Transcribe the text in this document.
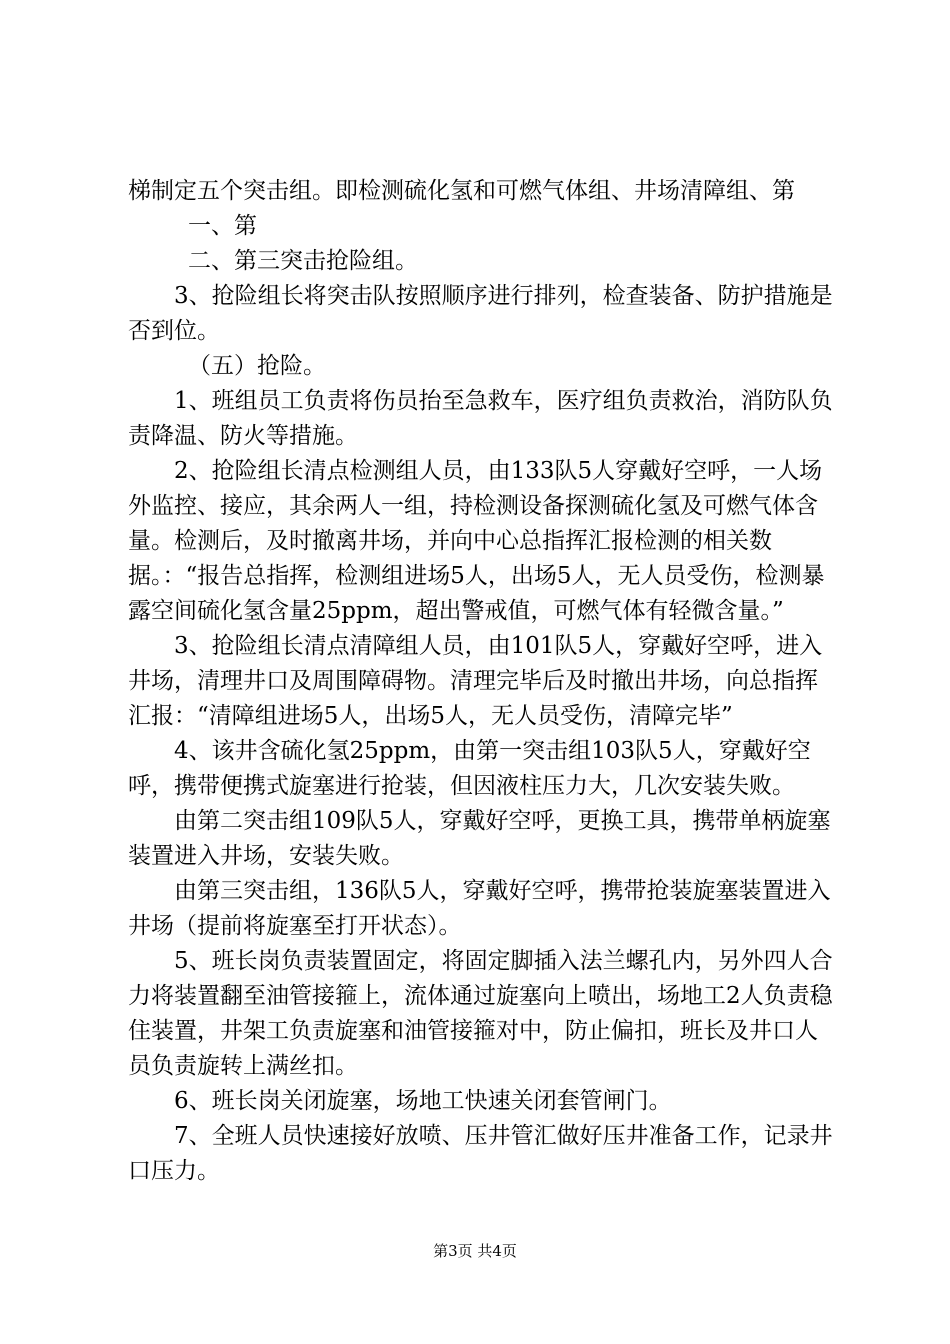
梯制定五个突击组。即检测硫化氢和可燃气体组、井场清障组、第

一、第

二、第三突击抢险组。

3、抢险组长将突击队按照顺序进行排列，检查装备、防护措施是否到位。

（五）抢险。

1、班组员工负责将伤员抬至急救车，医疗组负责救治，消防队负责降温、防火等措施。

2、抢险组长清点检测组人员，由133队5人穿戴好空呼，一人场外监控、接应，其余两人一组，持检测设备探测硫化氢及可燃气体含量。检测后，及时撤离井场，并向中心总指挥汇报检测的相关数据。：“报告总指挥，检测组进场5人，出场5人，无人员受伤，检测暴露空间硫化氢含量25ppm，超出警戒值，可燃气体有轻微含量。”

3、抢险组长清点清障组人员，由101队5人，穿戴好空呼，进入井场，清理井口及周围障碍物。清理完毕后及时撤出井场，向总指挥汇报：“清障组进场5人，出场5人，无人员受伤，清障完毕”

4、该井含硫化氢25ppm，由第一突击组103队5人，穿戴好空呼，携带便携式旋塞进行抢装，但因液柱压力大，几次安装失败。

由第二突击组109队5人，穿戴好空呼，更换工具，携带单柄旋塞装置进入井场，安装失败。

由第三突击组，136队5人，穿戴好空呼，携带抢装旋塞装置进入井场（提前将旋塞至打开状态）。

5、班长岗负责装置固定，将固定脚插入法兰螺孔内，另外四人合力将装置翻至油管接箍上，流体通过旋塞向上喷出，场地工2人负责稳住装置，井架工负责旋塞和油管接箍对中，防止偏扣，班长及井口人员负责旋转上满丝扣。

6、班长岗关闭旋塞，场地工快速关闭套管闸门。

7、全班人员快速接好放喷、压井管汇做好压井准备工作，记录井口压力。

第3页 共4页
